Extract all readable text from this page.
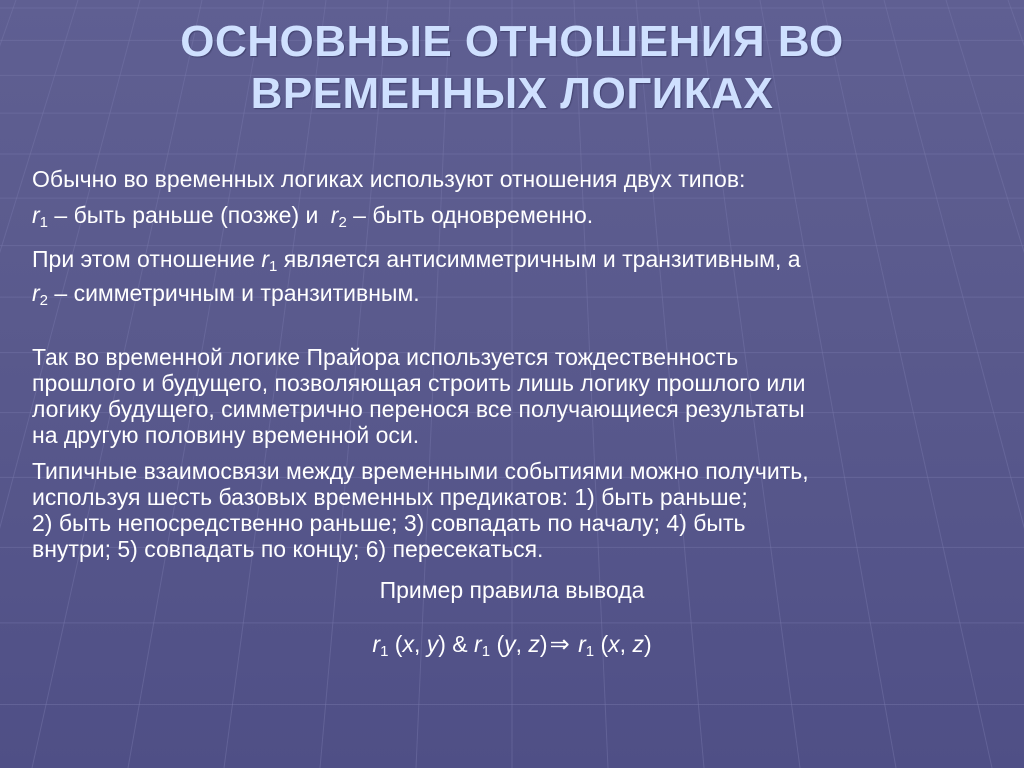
ОСНОВНЫЕ ОТНОШЕНИЯ ВО
ВРЕМЕННЫХ ЛОГИКАХ

Обычно во временных логиках используют отношения двух типов:

$r_1$ – быть раньше (позже) и $r_2$ – быть одновременно.

При этом отношение $r_1$ является антисимметричным и транзитивным, а
$r_2$ – симметричным и транзитивным.

Так во временной логике Прайора используется тождественность
прошлого и будущего, позволяющая строить лишь логику прошлого или
логику будущего, симметрично перенося все получающиеся результаты
на другую половину временной оси.

Типичные взаимосвязи между временными событиями можно получить,
используя шесть базовых временных предикатов: 1) быть раньше;
2) быть непосредственно раньше; 3) совпадать по началу; 4) быть
внутри; 5) совпадать по концу; 6) пересекаться.

Пример правила вывода
$r_1$ (x, y) & $r_1$ (y, z)⇒ $r_1$ (x, z)
